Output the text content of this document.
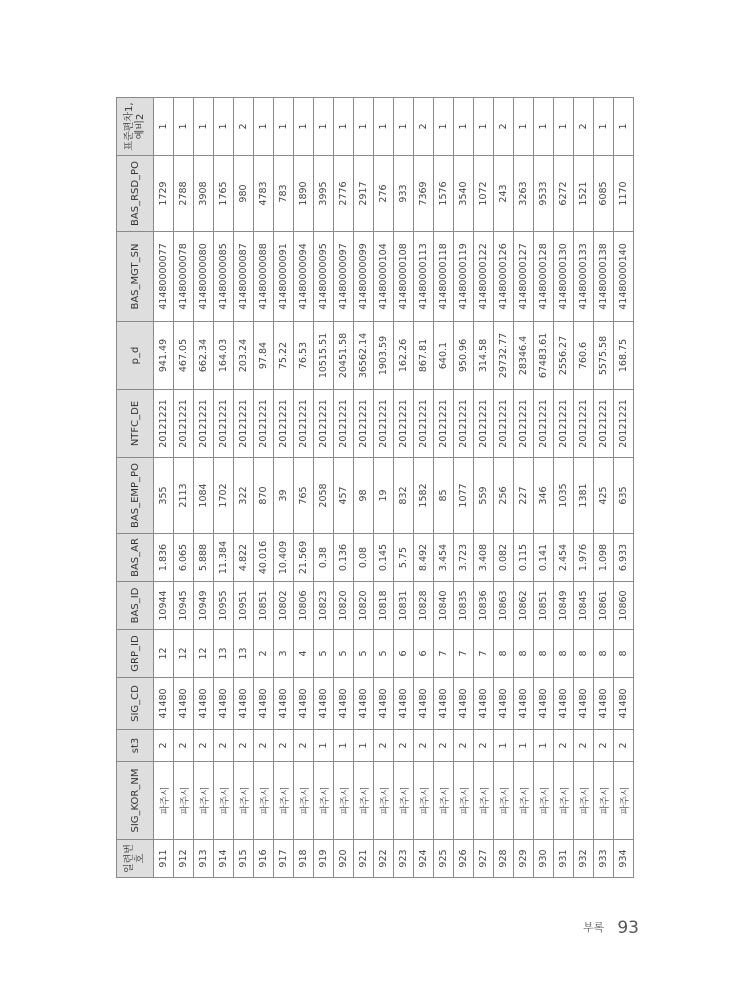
일련번호	SIG_KOR_NM	st3	SIG_CD	GRP_ID	BAS_ID	BAS_AR	BAS_EMP_PO	NTFC_DE	p_d	BAS_MGT_SN	BAS_RSD_PO	표준편차1, 예비2
911	파주시	2	41480	12	10944	1.836	355	20121221	941.49	41480000077	1729	1
912	파주시	2	41480	12	10945	6.065	2113	20121221	467.05	41480000078	2788	1
913	파주시	2	41480	12	10949	5.888	1084	20121221	662.34	41480000080	3908	1
914	파주시	2	41480	13	10955	11.384	1702	20121221	164.03	41480000085	1765	1
915	파주시	2	41480	13	10951	4.822	322	20121221	203.24	41480000087	980	2
916	파주시	2	41480	2	10851	40.016	870	20121221	97.84	41480000088	4783	1
917	파주시	2	41480	3	10802	10.409	39	20121221	75.22	41480000091	783	1
918	파주시	2	41480	4	10806	21.569	765	20121221	76.53	41480000094	1890	1
919	파주시	1	41480	5	10823	0.38	2058	20121221	10515.51	41480000095	3995	1
920	파주시	1	41480	5	10820	0.136	457	20121221	20451.58	41480000097	2776	1
921	파주시	1	41480	5	10820	0.08	98	20121221	36562.14	41480000099	2917	1
922	파주시	2	41480	5	10818	0.145	19	20121221	1903.59	41480000104	276	1
923	파주시	2	41480	6	10831	5.75	832	20121221	162.26	41480000108	933	1
924	파주시	2	41480	6	10828	8.492	1582	20121221	867.81	41480000113	7369	2
925	파주시	2	41480	7	10840	3.454	85	20121221	640.1	41480000118	1576	1
926	파주시	2	41480	7	10835	3.723	1077	20121221	950.96	41480000119	3540	1
927	파주시	2	41480	7	10836	3.408	559	20121221	314.58	41480000122	1072	1
928	파주시	1	41480	8	10863	0.082	256	20121221	29732.77	41480000126	243	2
929	파주시	1	41480	8	10862	0.115	227	20121221	28346.4	41480000127	3263	1
930	파주시	1	41480	8	10851	0.141	346	20121221	67483.61	41480000128	9533	1
931	파주시	2	41480	8	10849	2.454	1035	20121221	2556.27	41480000130	6272	1
932	파주시	2	41480	8	10845	1.976	1381	20121221	760.6	41480000133	1521	2
933	파주시	2	41480	8	10861	1.098	425	20121221	5575.58	41480000138	6085	1
934	파주시	2	41480	8	10860	6.933	635	20121221	168.75	41480000140	1170	1
부록 93
